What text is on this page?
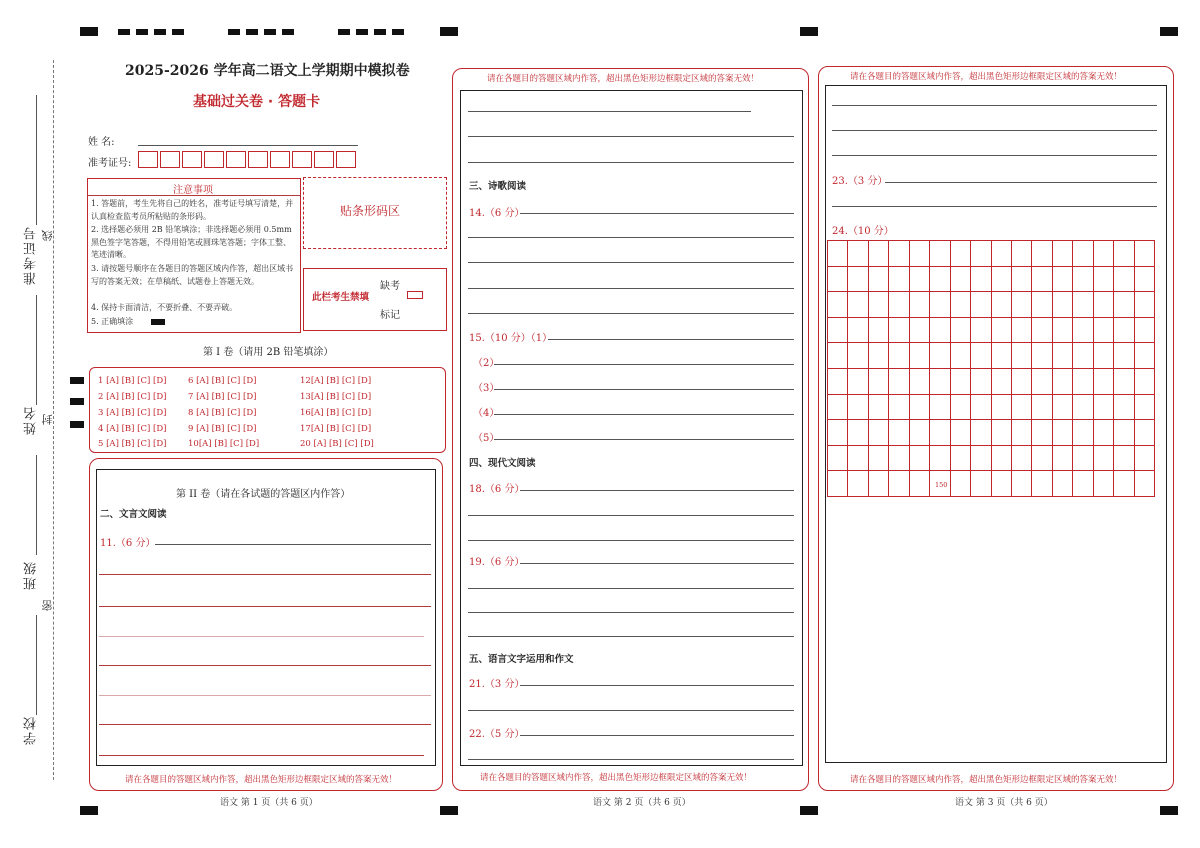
准考证号
姓名
班级
学校
线
封
密
2025-2026 学年高二语文上学期期中模拟卷
基础过关卷 · 答题卡
姓 名:
准考证号:
注意事项
1. 答题前，考生先将自己的姓名，准考证号填写清楚，并认真检查监考员所粘贴的条形码。
2. 选择题必须用 2B 铅笔填涂；非选择题必须用 0.5mm 黑色签字笔答题，不得用铅笔或圆珠笔答题；字体工整、笔迹清晰。
3. 请按题号顺序在各题目的答题区域内作答，超出区域书写的答案无效；在草稿纸、试题卷上答题无效。
4. 保持卡面清洁，不要折叠、不要弄破。
5. 正确填涂
贴条形码区
此栏考生禁填
缺考
标记
第 I 卷（请用 2B 铅笔填涂）
1 [A] [B] [C] [D]
2 [A] [B] [C] [D]
3 [A] [B] [C] [D]
4 [A] [B] [C] [D]
5 [A] [B] [C] [D]
6 [A] [B] [C] [D]
7 [A] [B] [C] [D]
8 [A] [B] [C] [D]
9 [A] [B] [C] [D]
10[A] [B] [C] [D]
12[A] [B] [C] [D]
13[A] [B] [C] [D]
16[A] [B] [C] [D]
17[A] [B] [C] [D]
20 [A] [B] [C] [D]
第 II 卷（请在各试题的答题区内作答）
二、文言文阅读
11.（6 分）
请在各题目的答题区域内作答，超出黑色矩形边框限定区域的答案无效！
语文 第 1 页（共 6 页）
请在各题目的答题区域内作答，超出黑色矩形边框限定区域的答案无效！
三、诗歌阅读
14.（6 分）
15.（10 分）（1）
（2）
（3）
（4）
（5）
四、现代文阅读
18.（6 分）
19.（6 分）
五、语言文字运用和作文
21.（3 分）
22.（5 分）
请在各题目的答题区域内作答，超出黑色矩形边框限定区域的答案无效！
语文 第 2 页（共 6 页）
请在各题目的答题区域内作答，超出黑色矩形边框限定区域的答案无效！
23.（3 分）
24.（10 分）
150
请在各题目的答题区域内作答，超出黑色矩形边框限定区域的答案无效！
语文 第 3 页（共 6 页）
